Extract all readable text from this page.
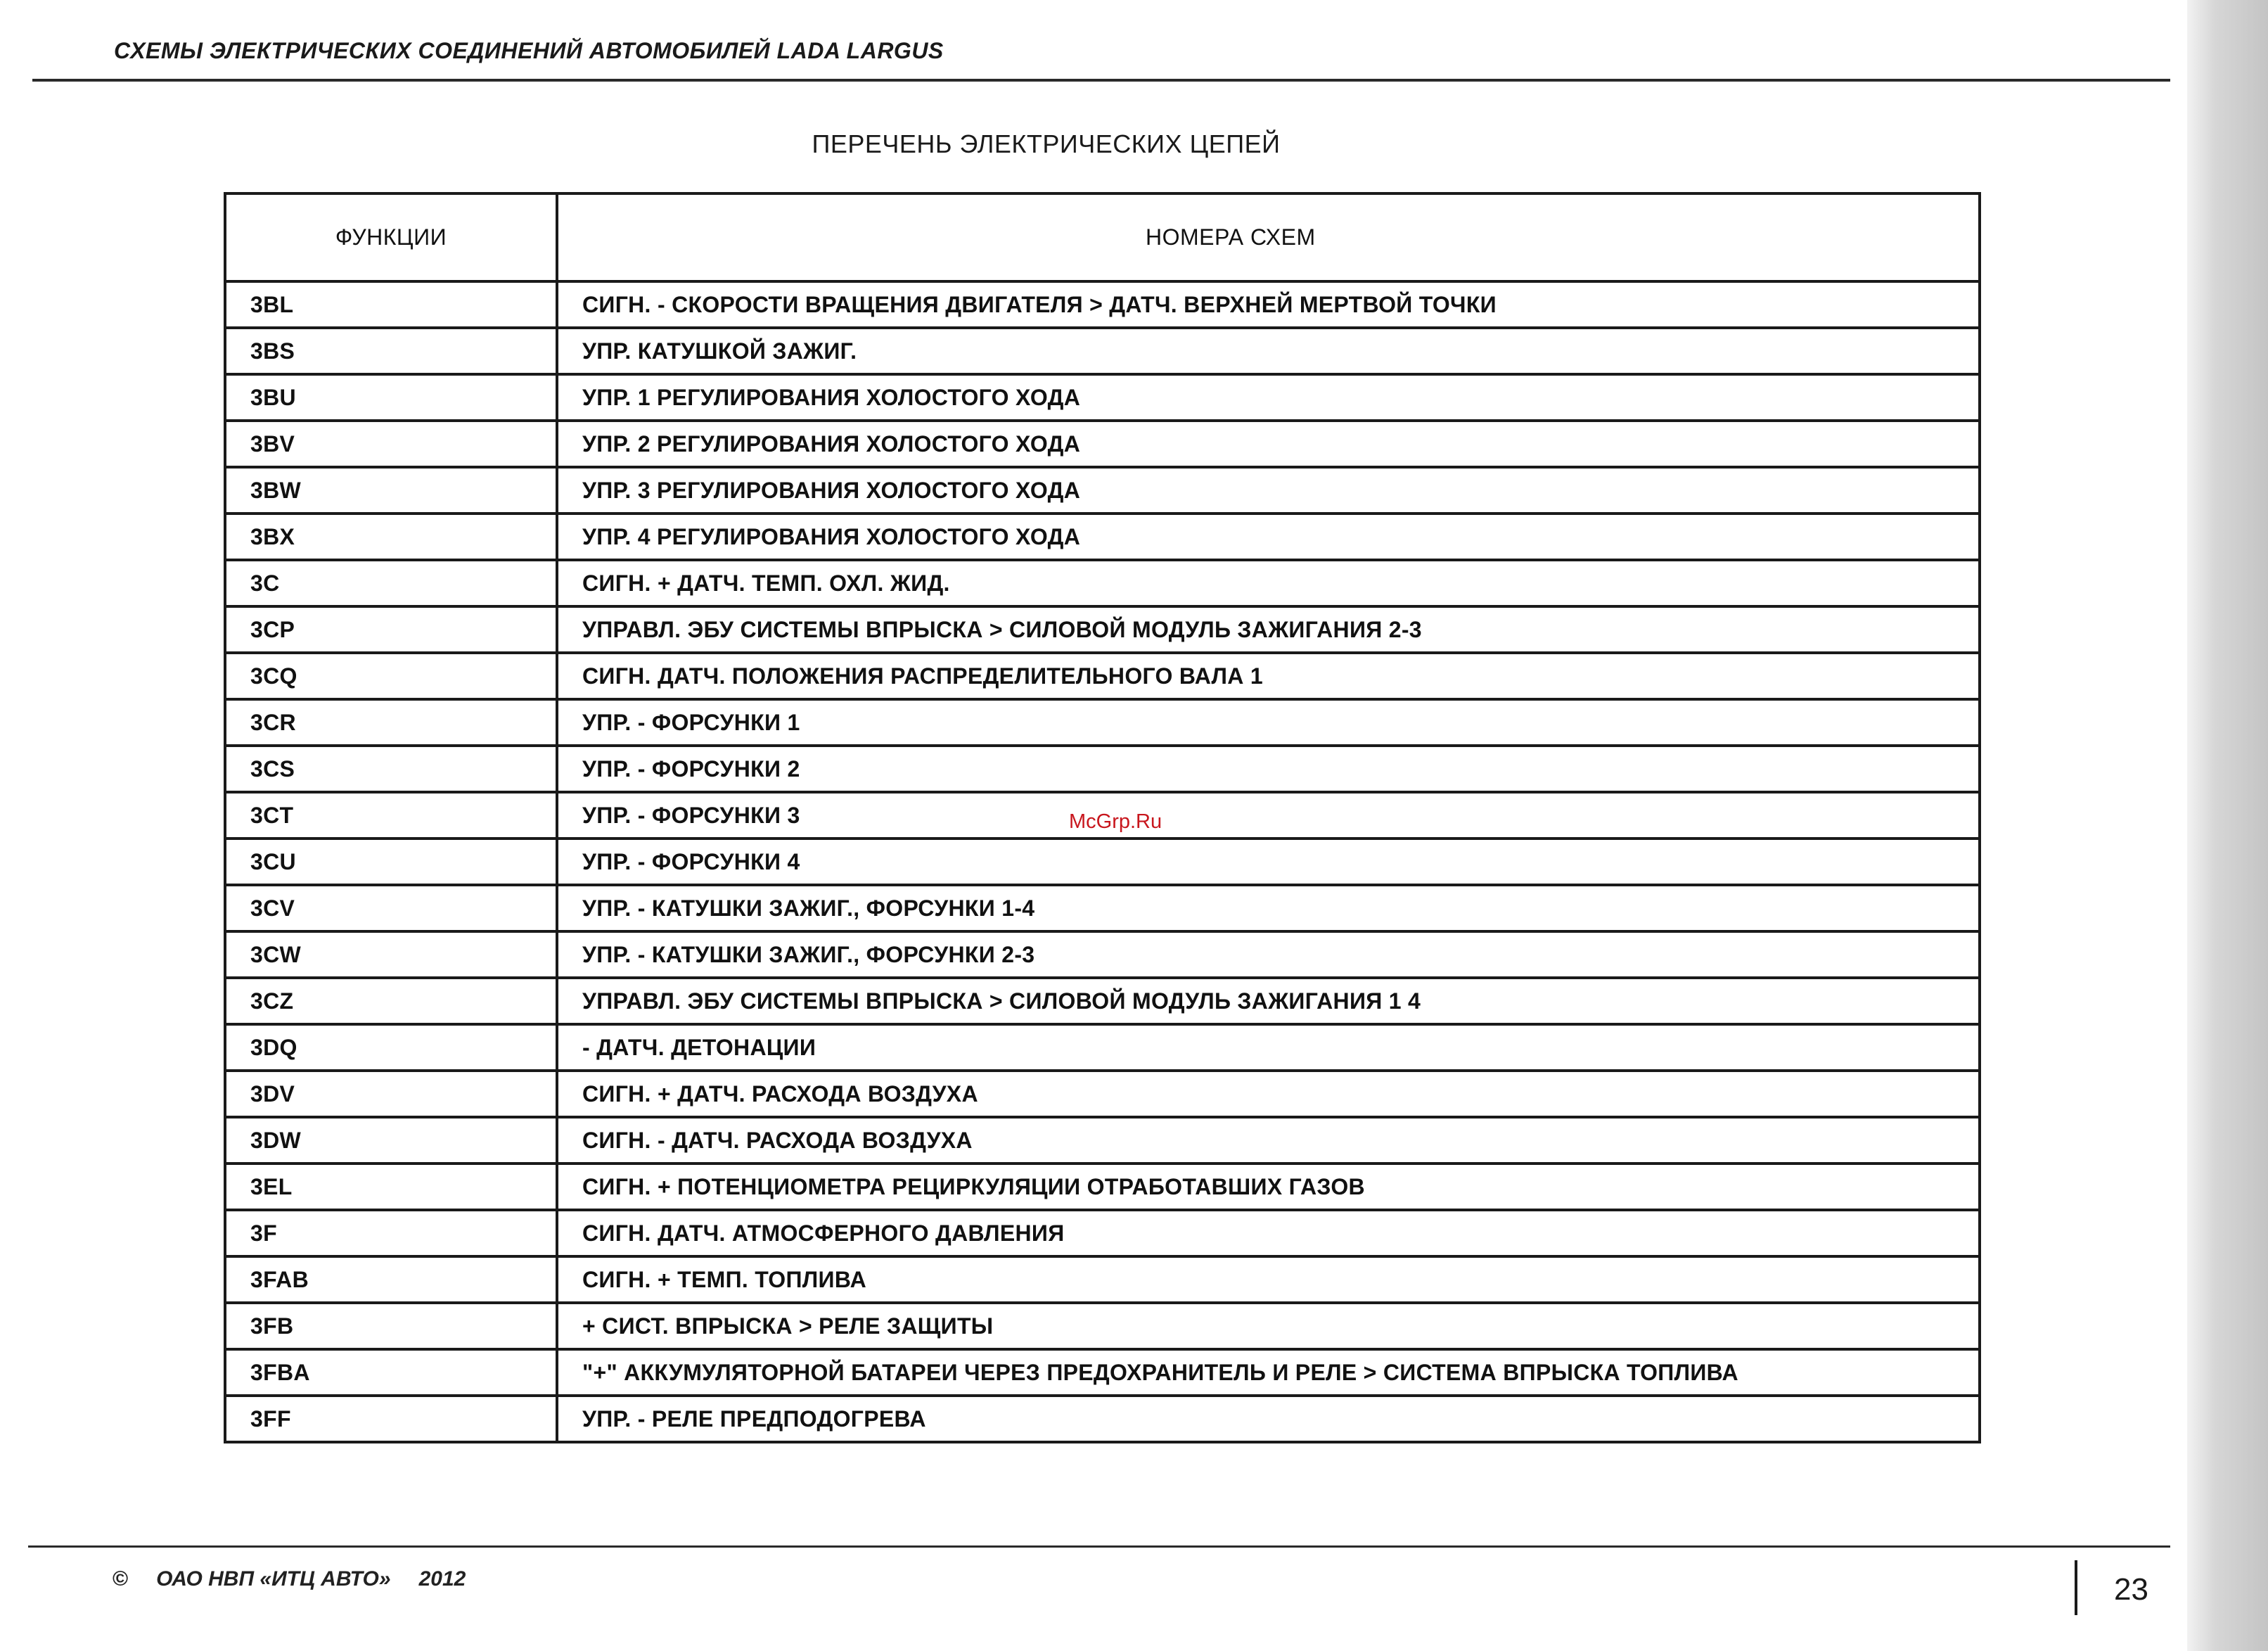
СХЕМЫ ЭЛЕКТРИЧЕСКИХ СОЕДИНЕНИЙ АВТОМОБИЛЕЙ LADA LARGUS
ПЕРЕЧЕНЬ ЭЛЕКТРИЧЕСКИХ ЦЕПЕЙ
ФУНКЦИИ	НОМЕРА СХЕМ
3BL	СИГН. - СКОРОСТИ ВРАЩЕНИЯ ДВИГАТЕЛЯ > ДАТЧ. ВЕРХНЕЙ МЕРТВОЙ ТОЧКИ
3BS	УПР. КАТУШКОЙ ЗАЖИГ.
3BU	УПР. 1 РЕГУЛИРОВАНИЯ ХОЛОСТОГО ХОДА
3BV	УПР. 2 РЕГУЛИРОВАНИЯ ХОЛОСТОГО ХОДА
3BW	УПР. 3 РЕГУЛИРОВАНИЯ ХОЛОСТОГО ХОДА
3BX	УПР. 4 РЕГУЛИРОВАНИЯ ХОЛОСТОГО ХОДА
3C	СИГН. + ДАТЧ. ТЕМП. ОХЛ. ЖИД.
3CP	УПРАВЛ. ЭБУ СИСТЕМЫ ВПРЫСКА > СИЛОВОЙ МОДУЛЬ ЗАЖИГАНИЯ 2-3
3CQ	СИГН. ДАТЧ. ПОЛОЖЕНИЯ РАСПРЕДЕЛИТЕЛЬНОГО ВАЛА 1
3CR	УПР. - ФОРСУНКИ 1
3CS	УПР. - ФОРСУНКИ 2
3CT	УПР. - ФОРСУНКИ 3
3CU	УПР. - ФОРСУНКИ 4
3CV	УПР. - КАТУШКИ ЗАЖИГ., ФОРСУНКИ 1-4
3CW	УПР. - КАТУШКИ ЗАЖИГ., ФОРСУНКИ 2-3
3CZ	УПРАВЛ. ЭБУ СИСТЕМЫ ВПРЫСКА > СИЛОВОЙ МОДУЛЬ ЗАЖИГАНИЯ 1 4
3DQ	- ДАТЧ. ДЕТОНАЦИИ
3DV	СИГН. + ДАТЧ. РАСХОДА ВОЗДУХА
3DW	СИГН. - ДАТЧ. РАСХОДА ВОЗДУХА
3EL	СИГН. + ПОТЕНЦИОМЕТРА РЕЦИРКУЛЯЦИИ ОТРАБОТАВШИХ ГАЗОВ
3F	СИГН. ДАТЧ. АТМОСФЕРНОГО ДАВЛЕНИЯ
3FAB	СИГН. + ТЕМП. ТОПЛИВА
3FB	+ СИСТ. ВПРЫСКА > РЕЛЕ ЗАЩИТЫ
3FBA	"+" АККУМУЛЯТОРНОЙ БАТАРЕИ ЧЕРЕЗ ПРЕДОХРАНИТЕЛЬ И РЕЛЕ > СИСТЕМА ВПРЫСКА ТОПЛИВА
3FF	УПР. - РЕЛЕ ПРЕДПОДОГРЕВА
McGrp.Ru
© ОАО НВП «ИТЦ АВТО» 2012	23
